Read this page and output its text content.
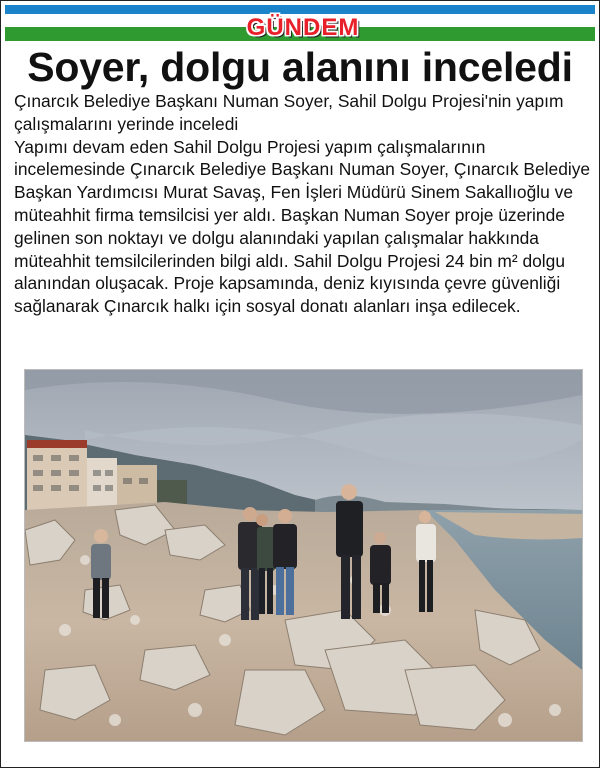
GÜNDEM
Soyer, dolgu alanını inceledi

Çınarcık Belediye Başkanı Numan Soyer, Sahil Dolgu Projesi'nin yapım çalışmalarını yerinde inceledi

Yapımı devam eden Sahil Dolgu Projesi yapım çalışmalarının incelemesinde Çınarcık Belediye Başkanı Numan Soyer, Çınarcık Belediye Başkan Yardımcısı Murat Savaş, Fen İşleri Müdürü Sinem Sakallıoğlu ve müteahhit firma temsilcisi yer aldı. Başkan Numan Soyer proje üzerinde gelinen son noktayı ve dolgu alanındaki yapılan çalışmalar hakkında müteahhit temsilcilerinden bilgi aldı. Sahil Dolgu Projesi 24 bin m² dolgu alanından oluşacak. Proje kapsamında, deniz kıyısında çevre güvenliği sağlanarak Çınarcık halkı için sosyal donatı alanları inşa edilecek.
